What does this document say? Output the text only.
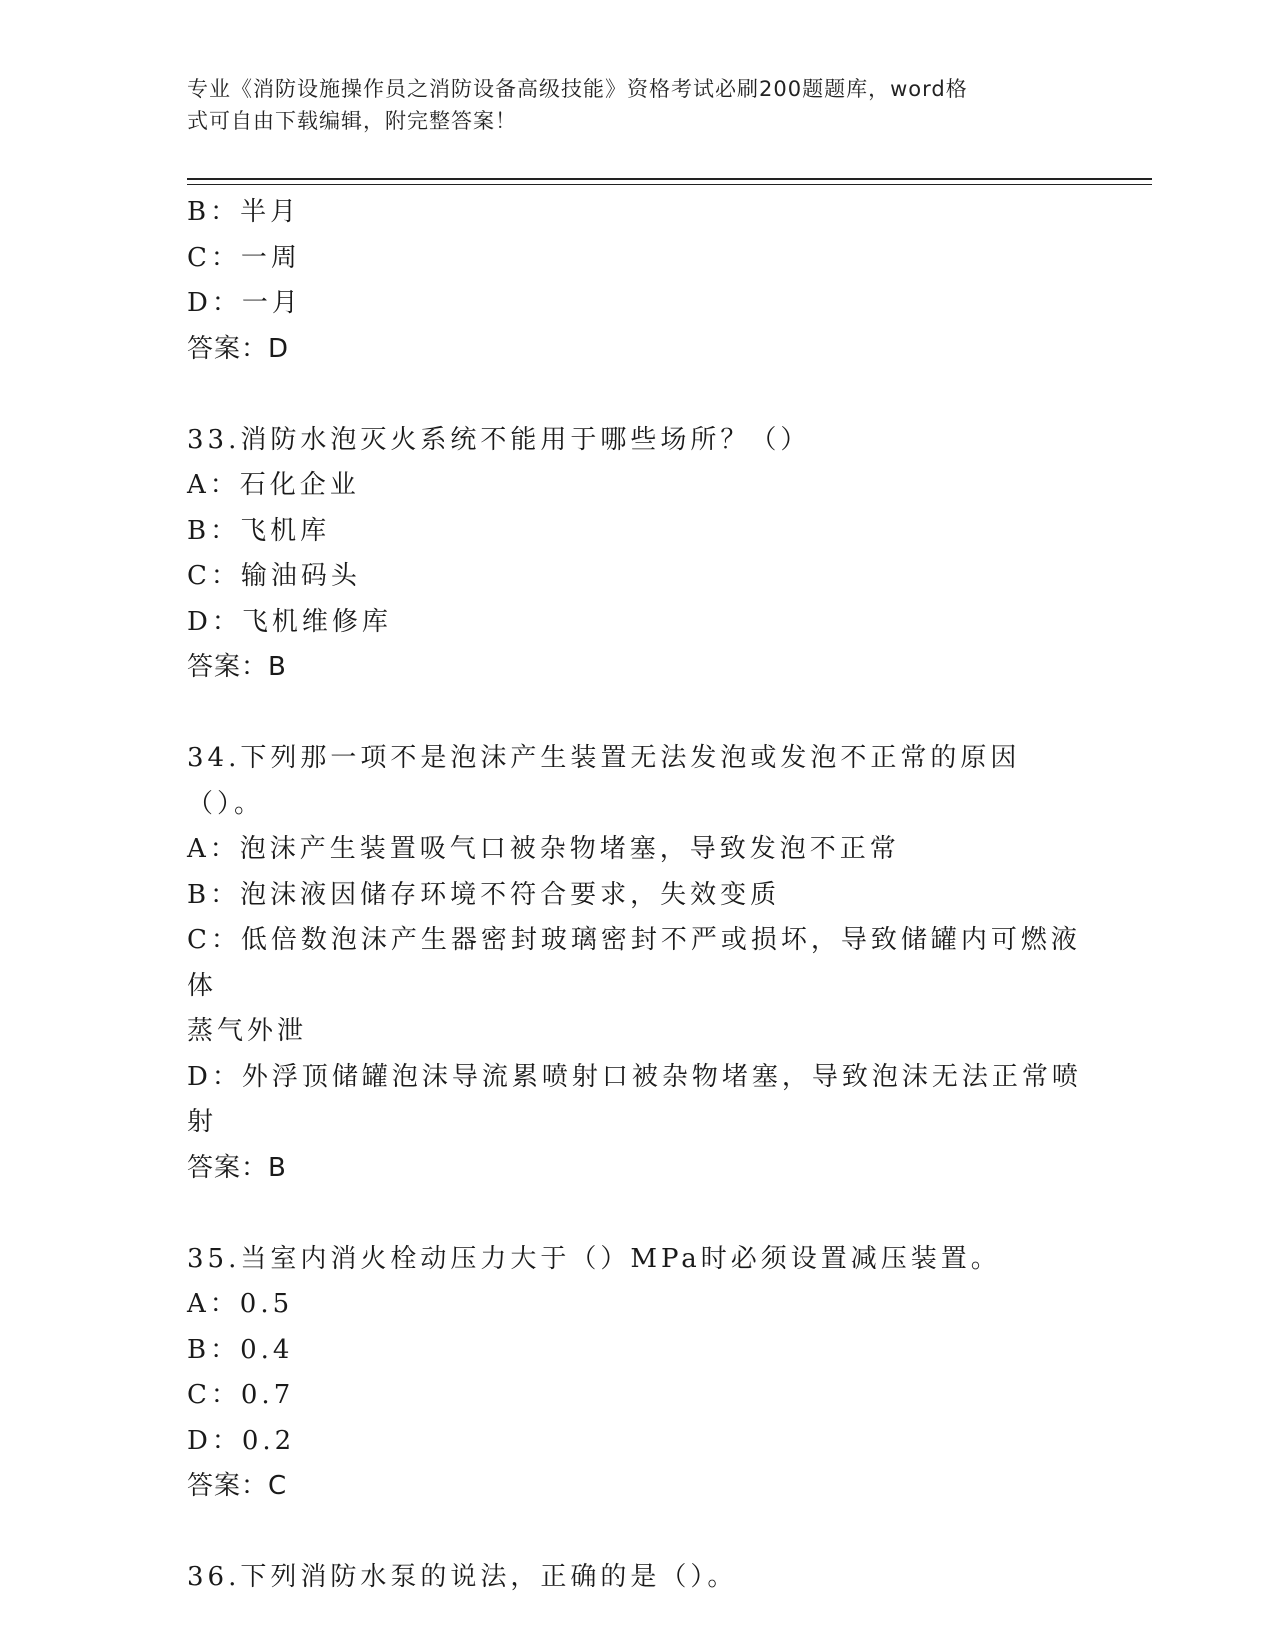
专业《消防设施操作员之消防设备高级技能》资格考试必刷200题题库，word格
式可自由下载编辑，附完整答案！

B：半月

C：一周

D：一月

答案：D

33.消防水泡灭火系统不能用于哪些场所？（）

A：石化企业

B：飞机库

C：输油码头

D：飞机维修库

答案：B

34.下列那一项不是泡沫产生装置无法发泡或发泡不正常的原因（）。

A：泡沫产生装置吸气口被杂物堵塞，导致发泡不正常

B：泡沫液因储存环境不符合要求，失效变质

C：低倍数泡沫产生器密封玻璃密封不严或损坏，导致储罐内可燃液体

蒸气外泄

D：外浮顶储罐泡沫导流累喷射口被杂物堵塞，导致泡沫无法正常喷射

答案：B

35.当室内消火栓动压力大于（）MPa时必须设置减压装置。

A：0.5

B：0.4

C：0.7

D：0.2

答案：C

36.下列消防水泵的说法，正确的是（）。
